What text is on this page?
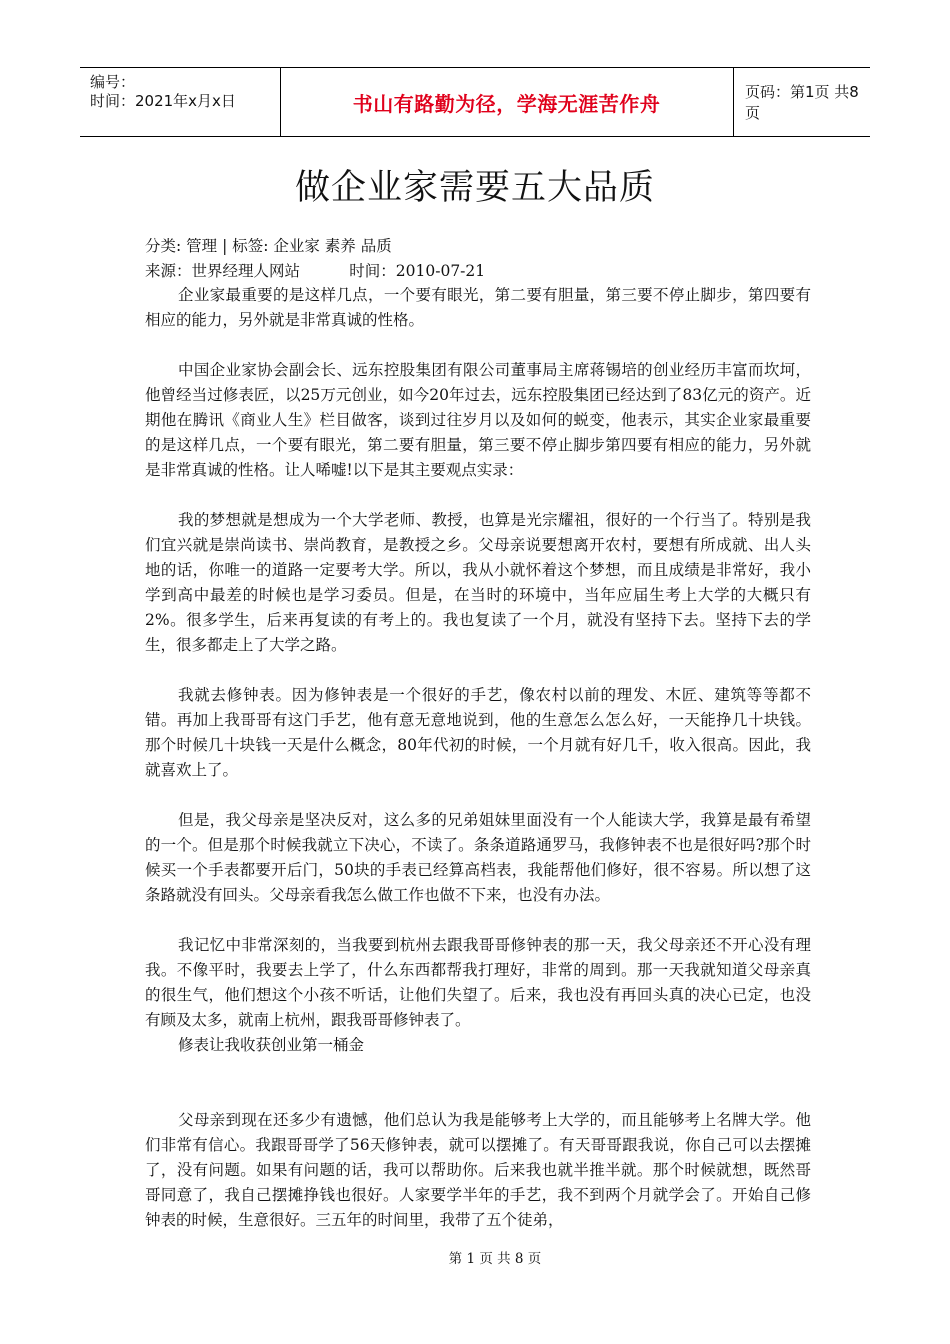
编号：
时间：2021年x月x日	书山有路勤为径，学海无涯苦作舟	页码：第1页 共8页
做企业家需要五大品质
分类: 管理 | 标签: 企业家 素养 品质
来源：世界经理人网站          时间：2010-07-21

企业家最重要的是这样几点，一个要有眼光，第二要有胆量，第三要不停止脚步，第四要有相应的能力，另外就是非常真诚的性格。

中国企业家协会副会长、远东控股集团有限公司董事局主席蒋锡培的创业经历丰富而坎坷，他曾经当过修表匠，以25万元创业，如今20年过去，远东控股集团已经达到了83亿元的资产。近期他在腾讯《商业人生》栏目做客，谈到过往岁月以及如何的蜕变，他表示，其实企业家最重要的是这样几点，一个要有眼光，第二要有胆量，第三要不停止脚步第四要有相应的能力，另外就是非常真诚的性格。让人唏嘘!以下是其主要观点实录：

我的梦想就是想成为一个大学老师、教授，也算是光宗耀祖，很好的一个行当了。特别是我们宜兴就是崇尚读书、崇尚教育，是教授之乡。父母亲说要想离开农村，要想有所成就、出人头地的话，你唯一的道路一定要考大学。所以，我从小就怀着这个梦想，而且成绩是非常好，我小学到高中最差的时候也是学习委员。但是，在当时的环境中，当年应届生考上大学的大概只有2%。很多学生，后来再复读的有考上的。我也复读了一个月，就没有坚持下去。坚持下去的学生，很多都走上了大学之路。

我就去修钟表。因为修钟表是一个很好的手艺，像农村以前的理发、木匠、建筑等等都不错。再加上我哥哥有这门手艺，他有意无意地说到，他的生意怎么怎么好，一天能挣几十块钱。那个时候几十块钱一天是什么概念，80年代初的时候，一个月就有好几千，收入很高。因此，我就喜欢上了。

但是，我父母亲是坚决反对，这么多的兄弟姐妹里面没有一个人能读大学，我算是最有希望的一个。但是那个时候我就立下决心，不读了。条条道路通罗马，我修钟表不也是很好吗?那个时候买一个手表都要开后门，50块的手表已经算高档表，我能帮他们修好，很不容易。所以想了这条路就没有回头。父母亲看我怎么做工作也做不下来，也没有办法。

我记忆中非常深刻的，当我要到杭州去跟我哥哥修钟表的那一天，我父母亲还不开心没有理我。不像平时，我要去上学了，什么东西都帮我打理好，非常的周到。那一天我就知道父母亲真的很生气，他们想这个小孩不听话，让他们失望了。后来，我也没有再回头真的决心已定，也没有顾及太多，就南上杭州，跟我哥哥修钟表了。

修表让我收获创业第一桶金

父母亲到现在还多少有遗憾，他们总认为我是能够考上大学的，而且能够考上名牌大学。他们非常有信心。我跟哥哥学了56天修钟表，就可以摆摊了。有天哥哥跟我说，你自己可以去摆摊了，没有问题。如果有问题的话，我可以帮助你。后来我也就半推半就。那个时候就想，既然哥哥同意了，我自己摆摊挣钱也很好。人家要学半年的手艺，我不到两个月就学会了。开始自己修钟表的时候，生意很好。三五年的时间里，我带了五个徒弟，

第 1 页 共 8 页
